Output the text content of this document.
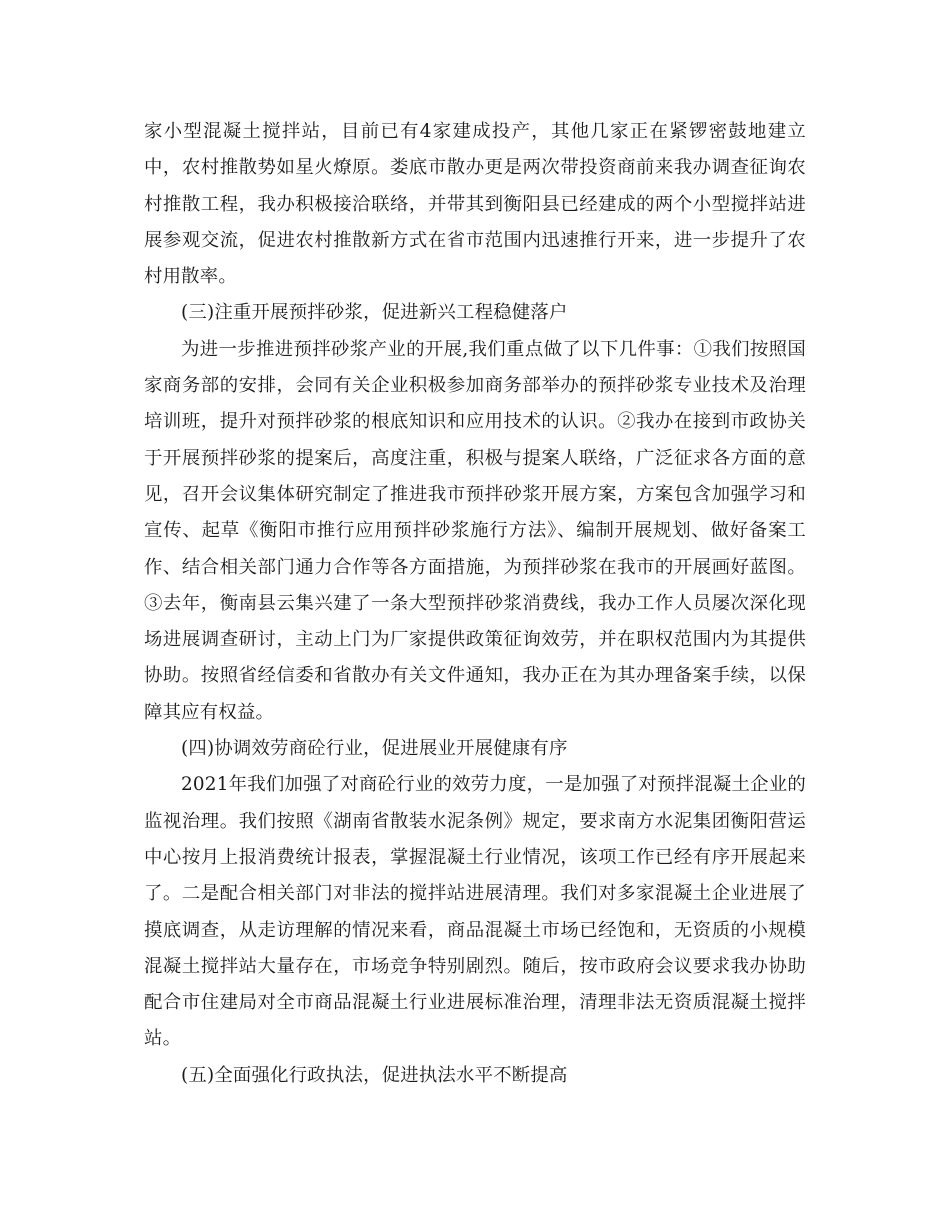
家小型混凝土搅拌站，目前已有4家建成投产，其他几家正在紧锣密鼓地建立中，农村推散势如星火燎原。娄底市散办更是两次带投资商前来我办调查征询农村推散工程，我办积极接洽联络，并带其到衡阳县已经建成的两个小型搅拌站进展参观交流，促进农村推散新方式在省市范围内迅速推行开来，进一步提升了农村用散率。

(三)注重开展预拌砂浆，促进新兴工程稳健落户

为进一步推进预拌砂浆产业的开展,我们重点做了以下几件事：①我们按照国家商务部的安排，会同有关企业积极参加商务部举办的预拌砂浆专业技术及治理培训班，提升对预拌砂浆的根底知识和应用技术的认识。②我办在接到市政协关于开展预拌砂浆的提案后，高度注重，积极与提案人联络，广泛征求各方面的意见，召开会议集体研究制定了推进我市预拌砂浆开展方案，方案包含加强学习和宣传、起草《衡阳市推行应用预拌砂浆施行方法》、编制开展规划、做好备案工作、结合相关部门通力合作等各方面措施，为预拌砂浆在我市的开展画好蓝图。③去年，衡南县云集兴建了一条大型预拌砂浆消费线，我办工作人员屡次深化现场进展调查研讨，主动上门为厂家提供政策征询效劳，并在职权范围内为其提供协助。按照省经信委和省散办有关文件通知，我办正在为其办理备案手续，以保障其应有权益。

(四)协调效劳商砼行业，促进展业开展健康有序

2021年我们加强了对商砼行业的效劳力度，一是加强了对预拌混凝土企业的监视治理。我们按照《湖南省散装水泥条例》规定，要求南方水泥集团衡阳营运中心按月上报消费统计报表，掌握混凝土行业情况，该项工作已经有序开展起来了。二是配合相关部门对非法的搅拌站进展清理。我们对多家混凝土企业进展了摸底调查，从走访理解的情况来看，商品混凝土市场已经饱和，无资质的小规模混凝土搅拌站大量存在，市场竞争特别剧烈。随后，按市政府会议要求我办协助配合市住建局对全市商品混凝土行业进展标准治理，清理非法无资质混凝土搅拌站。

(五)全面强化行政执法，促进执法水平不断提高
